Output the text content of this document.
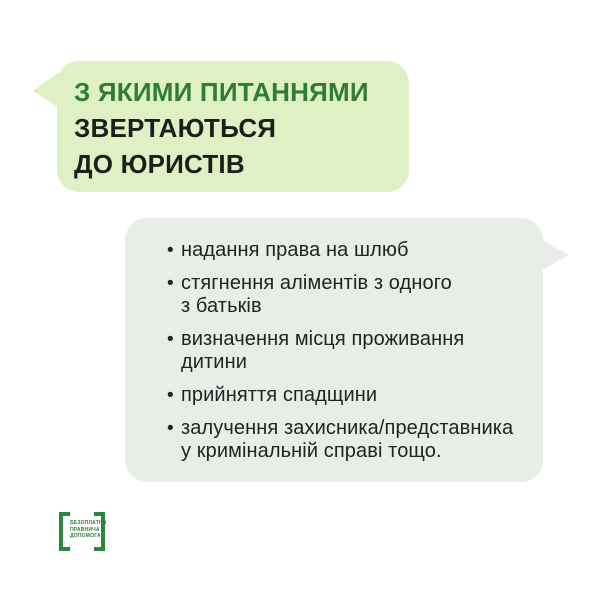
З ЯКИМИ ПИТАННЯМИ
ЗВЕРТАЮТЬСЯ
ДО ЮРИСТІВ
• надання права на шлюб
• стягнення аліментів з одного
з батьків
• визначення місця проживання
дитини
• прийняття спадщини
• залучення захисника/представника
у кримінальній справі тощо.
БЕЗОПЛАТНА
ПРАВНИЧА
ДОПОМОГА
